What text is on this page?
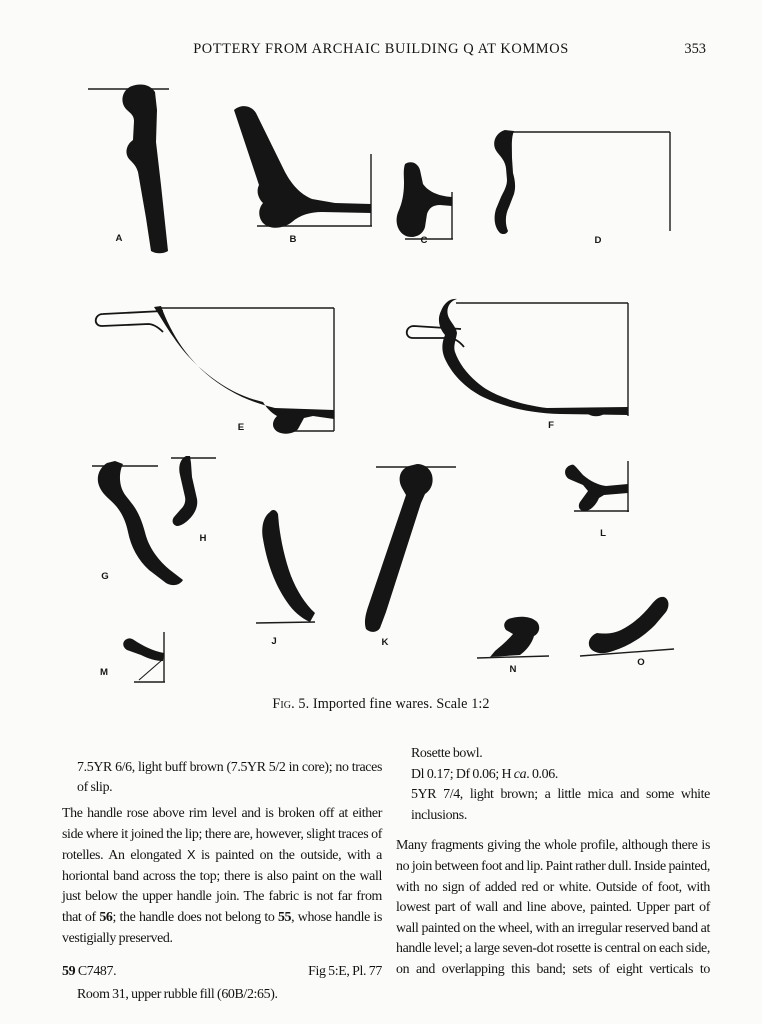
POTTERY FROM ARCHAIC BUILDING Q AT KOMMOS	353
A	B	C	D
E	F
G
H
J	K
L
M	N
O
Fig. 5. Imported fine wares. Scale 1:2

7.5YR 6/6, light buff brown (7.5YR 5/2 in core); no traces of slip.

The handle rose above rim level and is broken off at either side where it joined the lip; there are, however, slight traces of rotelles. An elongated X is painted on the outside, with a horiontal band across the top; there is also paint on the wall just below the upper handle join. The fabric is not far from that of 56; the handle does not belong to 55, whose handle is vestigially preserved.

59 C7487.	Fig 5:E, Pl. 77

Room 31, upper rubble fill (60B/2:65).

Rosette bowl.
Dl 0.17; Df 0.06; H ca. 0.06.
5YR 7/4, light brown; a little mica and some white inclusions.

Many fragments giving the whole profile, although there is no join between foot and lip. Paint rather dull. Inside painted, with no sign of added red or white. Outside of foot, with lowest part of wall and line above, painted. Upper part of wall painted on the wheel, with an irregular reserved band at handle level; a large seven-dot rosette is central on each side, on and overlapping this band; sets of eight verticals to
